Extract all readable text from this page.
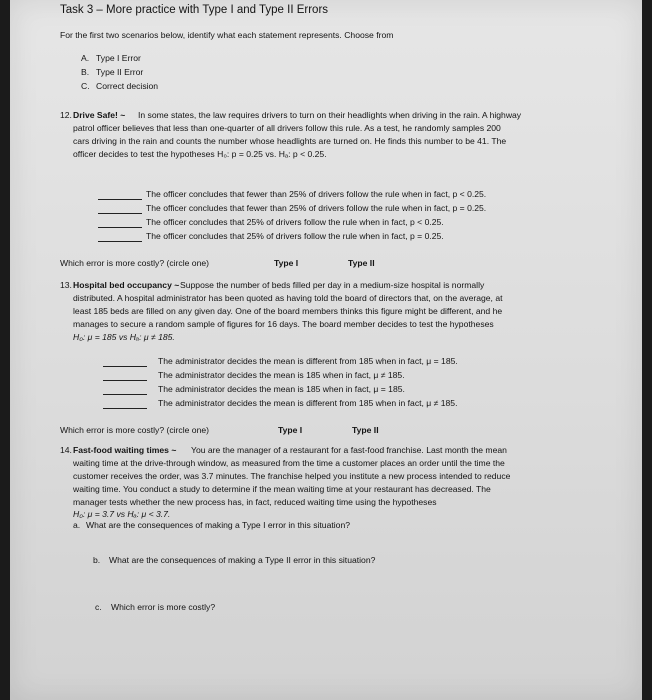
Task 3 – More practice with Type I and Type II Errors
For the first two scenarios below, identify what each statement represents. Choose from
A. Type I Error
B. Type II Error
C. Correct decision
12. Drive Safe! ~ In some states, the law requires drivers to turn on their headlights when driving in the rain. A highway
patrol officer believes that less than one-quarter of all drivers follow this rule. As a test, he randomly samples 200
cars driving in the rain and counts the number whose headlights are turned on. He finds this number to be 41. The
officer decides to test the hypotheses H₀: p = 0.25 vs. Hₐ: p < 0.25.
The officer concludes that fewer than 25% of drivers follow the rule when in fact, p < 0.25.
The officer concludes that fewer than 25% of drivers follow the rule when in fact, p = 0.25.
The officer concludes that 25% of drivers follow the rule when in fact, p < 0.25.
The officer concludes that 25% of drivers follow the rule when in fact, p = 0.25.
Which error is more costly? (circle one)	Type I	Type II
13. Hospital bed occupancy ~ Suppose the number of beds filled per day in a medium-size hospital is normally
distributed. A hospital administrator has been quoted as having told the board of directors that, on the average, at
least 185 beds are filled on any given day. One of the board members thinks this figure might be different, and he
manages to secure a random sample of figures for 16 days. The board member decides to test the hypotheses
H₀: μ = 185 vs Hₐ: μ ≠ 185.
The administrator decides the mean is different from 185 when in fact, μ = 185.
The administrator decides the mean is 185 when in fact, μ ≠ 185.
The administrator decides the mean is 185 when in fact, μ = 185.
The administrator decides the mean is different from 185 when in fact, μ ≠ 185.
Which error is more costly? (circle one)	Type I	Type II
14. Fast-food waiting times ~ You are the manager of a restaurant for a fast-food franchise. Last month the mean
waiting time at the drive-through window, as measured from the time a customer places an order until the time the
customer receives the order, was 3.7 minutes. The franchise helped you institute a new process intended to reduce
waiting time. You conduct a study to determine if the mean waiting time at your restaurant has decreased. The
manager tests whether the new process has, in fact, reduced waiting time using the hypotheses
H₀: μ = 3.7 vs Hₐ: μ < 3.7.
a. What are the consequences of making a Type I error in this situation?
b. What are the consequences of making a Type II error in this situation?
c. Which error is more costly?
